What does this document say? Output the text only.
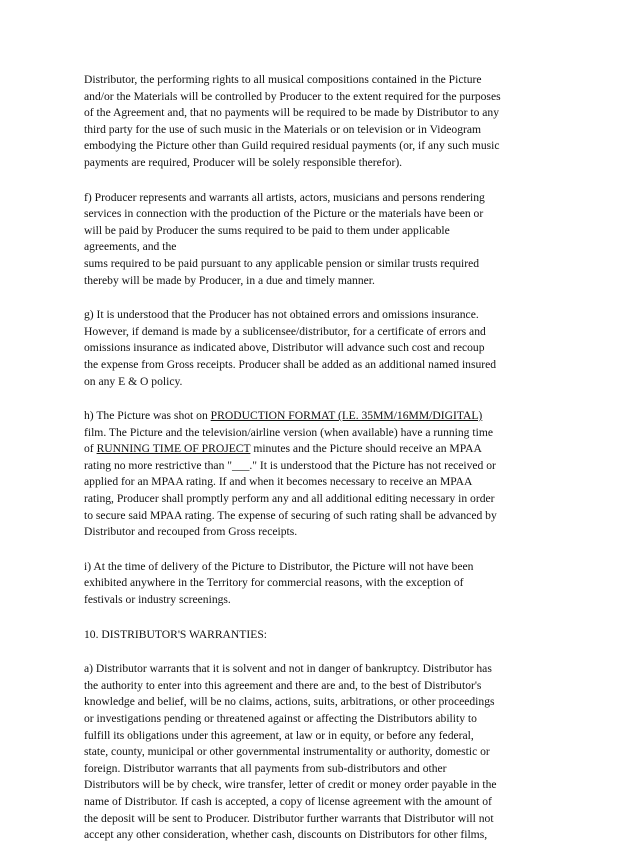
Distributor, the performing rights to all musical compositions contained in the Picture
and/or the Materials will be controlled by Producer to the extent required for the purposes
of the Agreement and, that no payments will be required to be made by Distributor to any
third party for the use of such music in the Materials or on television or in Videogram
embodying the Picture other than Guild required residual payments (or, if any such music
payments are required, Producer will be solely responsible therefor).
f) Producer represents and warrants all artists, actors, musicians and persons rendering
services in connection with the production of the Picture or the materials have been or
will be paid by Producer the sums required to be paid to them under applicable
agreements, and the
sums required to be paid pursuant to any applicable pension or similar trusts required
thereby will be made by Producer, in a due and timely manner.
g) It is understood that the Producer has not obtained errors and omissions insurance.
However, if demand is made by a sublicensee/distributor, for a certificate of errors and
omissions insurance as indicated above, Distributor will advance such cost and recoup
the expense from Gross receipts. Producer shall be added as an additional named insured
on any E & O policy.
h) The Picture was shot on PRODUCTION FORMAT (I.E. 35MM/16MM/DIGITAL)
film. The Picture and the television/airline version (when available) have a running time
of RUNNING TIME OF PROJECT minutes and the Picture should receive an MPAA
rating no more restrictive than "___." It is understood that the Picture has not received or
applied for an MPAA rating. If and when it becomes necessary to receive an MPAA
rating, Producer shall promptly perform any and all additional editing necessary in order
to secure said MPAA rating. The expense of securing of such rating shall be advanced by
Distributor and recouped from Gross receipts.
i) At the time of delivery of the Picture to Distributor, the Picture will not have been
exhibited anywhere in the Territory for commercial reasons, with the exception of
festivals or industry screenings.
10. DISTRIBUTOR'S WARRANTIES:
a) Distributor warrants that it is solvent and not in danger of bankruptcy. Distributor has
the authority to enter into this agreement and there are and, to the best of Distributor's
knowledge and belief, will be no claims, actions, suits, arbitrations, or other proceedings
or investigations pending or threatened against or affecting the Distributors ability to
fulfill its obligations under this agreement, at law or in equity, or before any federal,
state, county, municipal or other governmental instrumentality or authority, domestic or
foreign. Distributor warrants that all payments from sub-distributors and other
Distributors will be by check, wire transfer, letter of credit or money order payable in the
name of Distributor. If cash is accepted, a copy of license agreement with the amount of
the deposit will be sent to Producer. Distributor further warrants that Distributor will not
accept any other consideration, whether cash, discounts on Distributors for other films,
